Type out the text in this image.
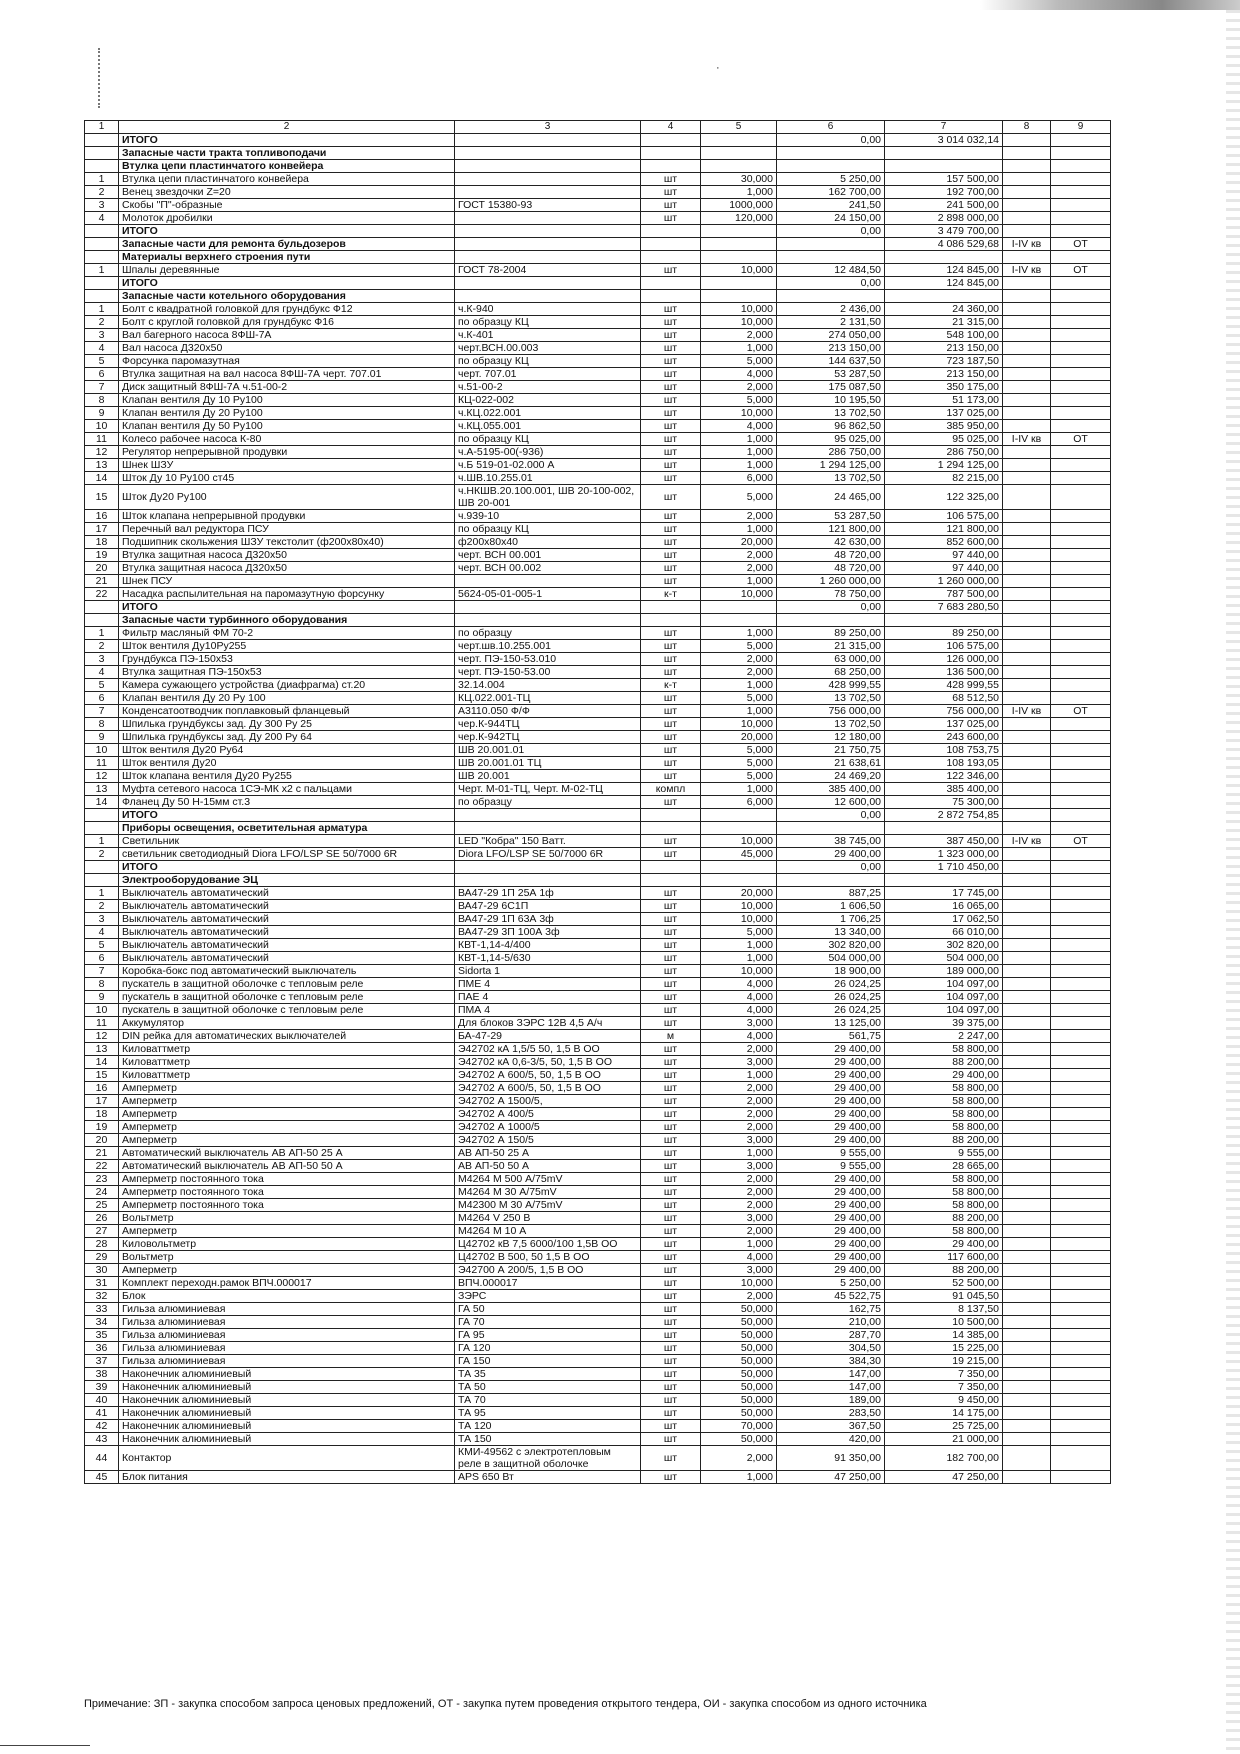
·
1	2	3	4	5	6	7	8	9
	ИТОГО				0,00	3 014 032,14		
	Запасные части тракта топливоподачи							
	Втулка цепи пластинчатого конвейера							
1	Втулка цепи пластинчатого конвейера		шт	30,000	5 250,00	157 500,00		
2	Венец звездочки Z=20		шт	1,000	162 700,00	192 700,00		
3	Скобы "П"-образные	ГОСТ 15380-93	шт	1000,000	241,50	241 500,00		
4	Молоток дробилки		шт	120,000	24 150,00	2 898 000,00		
	ИТОГО				0,00	3 479 700,00		
	Запасные части для ремонта бульдозеров					4 086 529,68	I-IV кв	ОТ
	Материалы верхнего строения пути							
1	Шпалы деревянные	ГОСТ 78-2004	шт	10,000	12 484,50	124 845,00	I-IV кв	ОТ
	ИТОГО				0,00	124 845,00		
	Запасные части котельного оборудования							
1	Болт с квадратной головкой для грундбукс Ф12	ч.К-940	шт	10,000	2 436,00	24 360,00		
2	Болт с круглой головкой для грундбукс Ф16	по образцу КЦ	шт	10,000	2 131,50	21 315,00		
3	Вал багерного насоса 8ФШ-7А	ч.К-401	шт	2,000	274 050,00	548 100,00		
4	Вал насоса Д320х50	черт.ВСН.00.003	шт	1,000	213 150,00	213 150,00		
5	Форсунка паромазутная	по образцу КЦ	шт	5,000	144 637,50	723 187,50		
6	Втулка защитная на вал насоса 8ФШ-7А черт. 707.01	черт. 707.01	шт	4,000	53 287,50	213 150,00		
7	Диск защитный 8ФШ-7А ч.51-00-2	ч.51-00-2	шт	2,000	175 087,50	350 175,00		
8	Клапан вентиля Ду 10 Ру100	КЦ-022-002	шт	5,000	10 195,50	51 173,00		
9	Клапан вентиля Ду 20 Ру100	ч.КЦ.022.001	шт	10,000	13 702,50	137 025,00		
10	Клапан вентиля Ду 50 Ру100	ч.КЦ.055.001	шт	4,000	96 862,50	385 950,00		
11	Колесо рабочее насоса К-80	по образцу КЦ	шт	1,000	95 025,00	95 025,00	I-IV кв	ОТ
12	Регулятор непрерывной продувки	ч.А-5195-00(-936)	шт	1,000	286 750,00	286 750,00		
13	Шнек ШЗУ	ч.Б 519-01-02.000 А	шт	1,000	1 294 125,00	1 294 125,00		
14	Шток Ду 10 Ру100 ст45	ч.ШВ.10.255.01	шт	6,000	13 702,50	82 215,00		
15	Шток Ду20 Ру100	ч.НКШВ.20.100.001, ШВ 20-100-002, ШВ 20-001	шт	5,000	24 465,00	122 325,00		
16	Шток клапана непрерывной продувки	ч.939-10	шт	2,000	53 287,50	106 575,00		
17	Перечный вал редуктора ПСУ	по образцу КЦ	шт	1,000	121 800,00	121 800,00		
18	Подшипник скольжения ШЗУ текстолит (ф200х80х40)	ф200х80х40	шт	20,000	42 630,00	852 600,00		
19	Втулка защитная насоса Д320х50	черт. ВСН 00.001	шт	2,000	48 720,00	97 440,00		
20	Втулка защитная насоса Д320х50	черт. ВСН 00.002	шт	2,000	48 720,00	97 440,00		
21	Шнек ПСУ		шт	1,000	1 260 000,00	1 260 000,00		
22	Насадка распылительная на паромазутную форсунку	5624-05-01-005-1	к-т	10,000	78 750,00	787 500,00		
	ИТОГО				0,00	7 683 280,50		
	Запасные части турбинного оборудования							
1	Фильтр масляный ФМ 70-2	по образцу	шт	1,000	89 250,00	89 250,00		
2	Шток вентиля Ду10Ру255	черт.шв.10.255.001	шт	5,000	21 315,00	106 575,00		
3	Грундбукса ПЭ-150х53	черт. ПЭ-150-53.010	шт	2,000	63 000,00	126 000,00		
4	Втулка защитная ПЭ-150х53	черт. ПЭ-150-53.00	шт	2,000	68 250,00	136 500,00		
5	Камера сужающего устройства (диафрагма) ст.20	32.14.004	к-т	1,000	428 999,55	428 999,55		
6	Клапан вентиля Ду 20 Ру 100	КЦ.022.001-ТЦ	шт	5,000	13 702,50	68 512,50		
7	Конденсатоотводчик поплавковый фланцевый	A3110.050 Ф/Ф	шт	1,000	756 000,00	756 000,00	I-IV кв	ОТ
8	Шпилька грундбуксы зад. Ду 300 Ру 25	чер.К-944ТЦ	шт	10,000	13 702,50	137 025,00		
9	Шпилька грундбуксы зад. Ду 200 Ру 64	чер.К-942ТЦ	шт	20,000	12 180,00	243 600,00		
10	Шток вентиля Ду20 Ру64	ШВ 20.001.01	шт	5,000	21 750,75	108 753,75		
11	Шток вентиля Ду20	ШВ 20.001.01 ТЦ	шт	5,000	21 638,61	108 193,05		
12	Шток клапана вентиля Ду20 Ру255	ШВ 20.001	шт	5,000	24 469,20	122 346,00		
13	Муфта сетевого насоса 1СЭ-МК х2 с пальцами	Черт. М-01-ТЦ, Черт. М-02-ТЦ	компл	1,000	385 400,00	385 400,00		
14	Фланец Ду 50 Н-15мм ст.3	по образцу	шт	6,000	12 600,00	75 300,00		
	ИТОГО				0,00	2 872 754,85		
	Приборы освещения, осветительная арматура							
1	Светильник	LED "Кобра" 150 Ватт.	шт	10,000	38 745,00	387 450,00	I-IV кв	ОТ
2	светильник светодиодный Diora LFO/LSP SE 50/7000 6R	Diora LFO/LSP SE 50/7000 6R	шт	45,000	29 400,00	1 323 000,00		
	ИТОГО				0,00	1 710 450,00		
	Электрооборудование ЭЦ							
1	Выключатель автоматический	ВА47-29 1П 25А 1ф	шт	20,000	887,25	17 745,00		
2	Выключатель автоматический	ВА47-29 6С1П	шт	10,000	1 606,50	16 065,00		
3	Выключатель автоматический	ВА47-29 1П 63А 3ф	шт	10,000	1 706,25	17 062,50		
4	Выключатель автоматический	ВА47-29 3П 100А 3ф	шт	5,000	13 340,00	66 010,00		
5	Выключатель автоматический	КВТ-1,14-4/400	шт	1,000	302 820,00	302 820,00		
6	Выключатель автоматический	КВТ-1,14-5/630	шт	1,000	504 000,00	504 000,00		
7	Коробка-бокс под автоматический выключатель	Sidorta 1	шт	10,000	18 900,00	189 000,00		
8	пускатель в защитной оболочке с тепловым реле	ПМЕ 4	шт	4,000	26 024,25	104 097,00		
9	пускатель в защитной оболочке с тепловым реле	ПАЕ 4	шт	4,000	26 024,25	104 097,00		
10	пускатель в защитной оболочке с тепловым реле	ПМА 4	шт	4,000	26 024,25	104 097,00		
11	Аккумулятор	Для блоков ЗЭРС 12В 4,5 А/ч	шт	3,000	13 125,00	39 375,00		
12	DIN рейка для автоматических выключателей	БА-47-29	м	4,000	561,75	2 247,00		
13	Киловаттметр	Э42702 кА 1,5/5 50, 1,5 В ОО	шт	2,000	29 400,00	58 800,00		
14	Киловаттметр	Э42702 кА 0,6-3/5, 50, 1,5 В ОО	шт	3,000	29 400,00	88 200,00		
15	Киловаттметр	Э42702 А 600/5, 50, 1,5 В ОО	шт	1,000	29 400,00	29 400,00		
16	Амперметр	Э42702 А 600/5, 50, 1,5 В ОО	шт	2,000	29 400,00	58 800,00		
17	Амперметр	Э42702 А 1500/5,	шт	2,000	29 400,00	58 800,00		
18	Амперметр	Э42702 А 400/5	шт	2,000	29 400,00	58 800,00		
19	Амперметр	Э42702 А 1000/5	шт	2,000	29 400,00	58 800,00		
20	Амперметр	Э42702 А 150/5	шт	3,000	29 400,00	88 200,00		
21	Автоматический выключатель АВ АП-50 25 А	АВ АП-50 25 А	шт	1,000	9 555,00	9 555,00		
22	Автоматический выключатель АВ АП-50 50 А	АВ АП-50 50 А	шт	3,000	9 555,00	28 665,00		
23	Амперметр постоянного тока	М4264 М 500 А/75mV	шт	2,000	29 400,00	58 800,00		
24	Амперметр постоянного тока	М4264 М 30 А/75mV	шт	2,000	29 400,00	58 800,00		
25	Амперметр постоянного тока	М42300 М 30 А/75mV	шт	2,000	29 400,00	58 800,00		
26	Вольтметр	М4264 V 250 В	шт	3,000	29 400,00	88 200,00		
27	Амперметр	М4264 М 10 А	шт	2,000	29 400,00	58 800,00		
28	Киловольтметр	Ц42702 кВ 7,5 6000/100 1,5В ОО	шт	1,000	29 400,00	29 400,00		
29	Вольтметр	Ц42702 В 500, 50 1,5 В ОО	шт	4,000	29 400,00	117 600,00		
30	Амперметр	Э42700 А 200/5, 1,5 В ОО	шт	3,000	29 400,00	88 200,00		
31	Комплект переходн.рамок ВПЧ.000017	ВПЧ.000017	шт	10,000	5 250,00	52 500,00		
32	Блок	ЗЭРС	шт	2,000	45 522,75	91 045,50		
33	Гильза алюминиевая	ГА 50	шт	50,000	162,75	8 137,50		
34	Гильза алюминиевая	ГА 70	шт	50,000	210,00	10 500,00		
35	Гильза алюминиевая	ГА 95	шт	50,000	287,70	14 385,00		
36	Гильза алюминиевая	ГА 120	шт	50,000	304,50	15 225,00		
37	Гильза алюминиевая	ГА 150	шт	50,000	384,30	19 215,00		
38	Наконечник алюминиевый	ТА 35	шт	50,000	147,00	7 350,00		
39	Наконечник алюминиевый	ТА 50	шт	50,000	147,00	7 350,00		
40	Наконечник алюминиевый	ТА 70	шт	50,000	189,00	9 450,00		
41	Наконечник алюминиевый	ТА 95	шт	50,000	283,50	14 175,00		
42	Наконечник алюминиевый	ТА 120	шт	70,000	367,50	25 725,00		
43	Наконечник алюминиевый	ТА 150	шт	50,000	420,00	21 000,00		
44	Контактор	КМИ-49562 с электротепловым реле в защитной оболочке	шт	2,000	91 350,00	182 700,00		
45	Блок питания	APS 650 Вт	шт	1,000	47 250,00	47 250,00		
Примечание: ЗП - закупка способом запроса ценовых предложений, ОТ - закупка путем проведения открытого тендера, ОИ - закупка способом из одного источника
